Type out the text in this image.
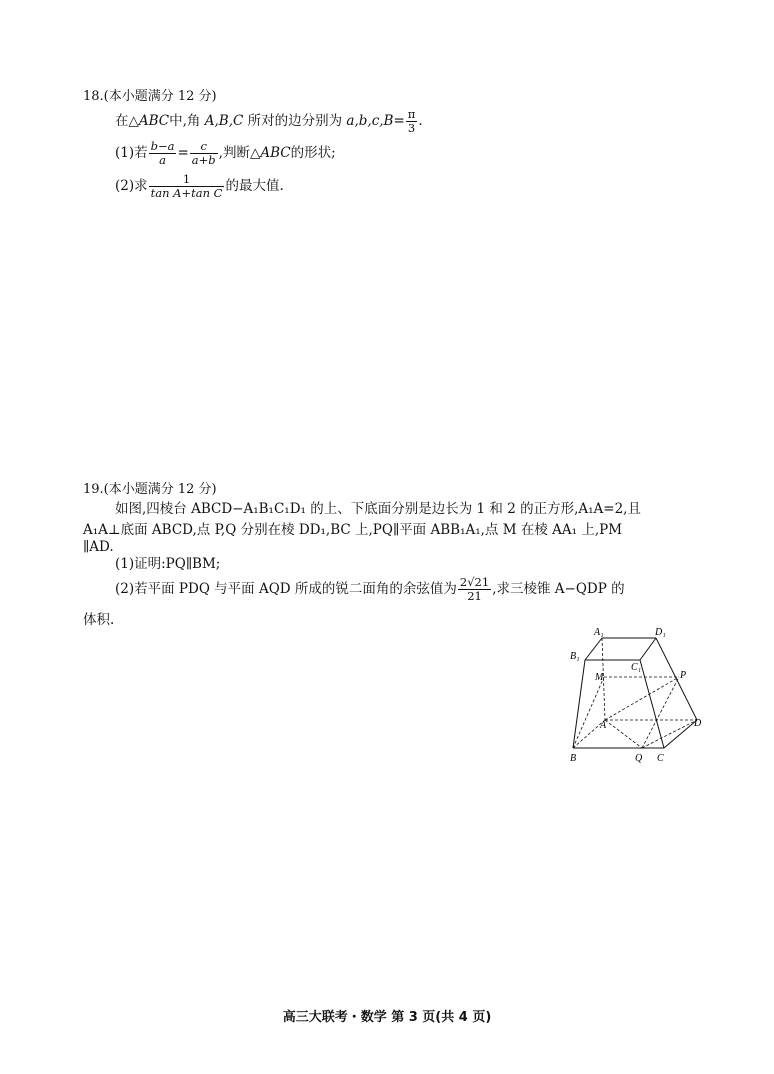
18.(本小题满分 12 分)
在△ABC中,角 A,B,C 所对的边分别为 $a,b,c,B= \frac{\pi}{3}$ .
(1)若 $\frac{b-a}{a} = \frac{c}{a+b}$ ,判断△ABC的形状;
(2)求 $\frac{1}{\text{tan A+tan C}}$ 的最大值.
19.(本小题满分 12 分)
如图,四棱台 ABCD−A₁B₁C₁D₁ 的上、下底面分别是边长为 1 和 2 的正方形,A₁A=2,且
A₁A⊥底面 ABCD,点 P,Q 分别在棱 DD₁,BC 上,PQ∥平面 ABB₁A₁,点 M 在棱 AA₁ 上,PM
∥AD.
(1)证明:PQ∥BM;
(2)若平面 PDQ 与平面 AQD 所成的锐二面角的余弦值为 $\frac{2√21}{21}$ ,求三棱锥 A−QDP 的
体积.
A₁	D₁
B₁
C₁
M	P
A	D
B	Q C
高三大联考・数学 第 3 页(共 4 页)
